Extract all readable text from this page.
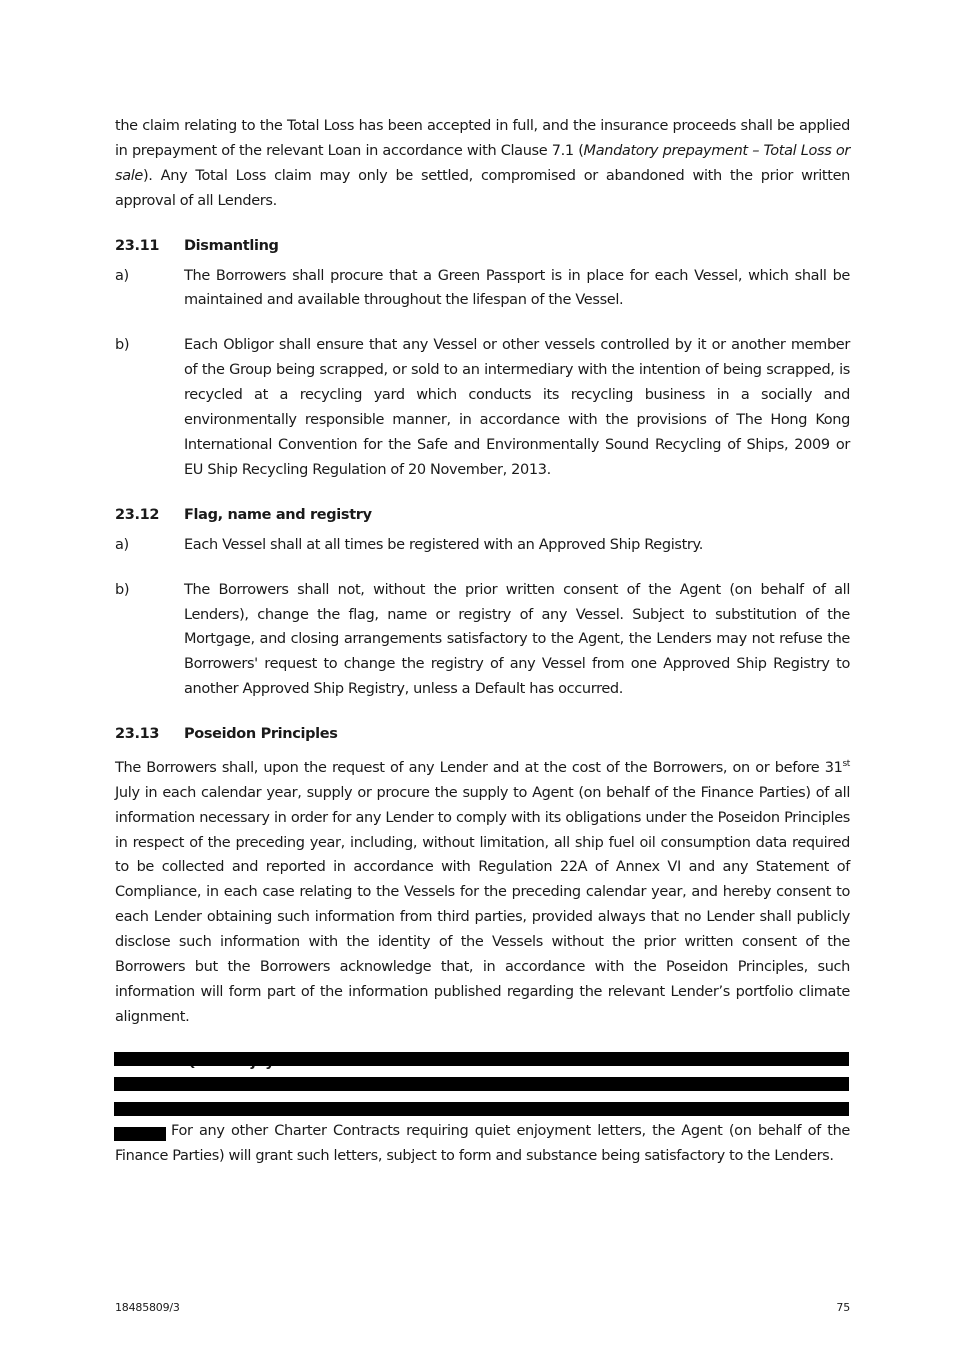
the claim relating to the Total Loss has been accepted in full, and the insurance proceeds shall be applied in prepayment of the relevant Loan in accordance with Clause 7.1 (Mandatory prepayment – Total Loss or sale). Any Total Loss claim may only be settled, compromised or abandoned with the prior written approval of all Lenders.

23.11	Dismantling
a)	The Borrowers shall procure that a Green Passport is in place for each Vessel, which shall be maintained and available throughout the lifespan of the Vessel.
b)	Each Obligor shall ensure that any Vessel or other vessels controlled by it or another member of the Group being scrapped, or sold to an intermediary with the intention of being scrapped, is recycled at a recycling yard which conducts its recycling business in a socially and environmentally responsible manner, in accordance with the provisions of The Hong Kong International Convention for the Safe and Environmentally Sound Recycling of Ships, 2009 or EU Ship Recycling Regulation of 20 November, 2013.
23.12	Flag, name and registry
a)	Each Vessel shall at all times be registered with an Approved Ship Registry.
b)	The Borrowers shall not, without the prior written consent of the Agent (on behalf of all Lenders), change the flag, name or registry of any Vessel. Subject to substitution of the Mortgage, and closing arrangements satisfactory to the Agent, the Lenders may not refuse the Borrowers' request to change the registry of any Vessel from one Approved Ship Registry to another Approved Ship Registry, unless a Default has occurred.
23.13	Poseidon Principles

The Borrowers shall, upon the request of any Lender and at the cost of the Borrowers, on or before 31st July in each calendar year, supply or procure the supply to Agent (on behalf of the Finance Parties) of all information necessary in order for any Lender to comply with its obligations under the Poseidon Principles in respect of the preceding year, including, without limitation, all ship fuel oil consumption data required to be collected and reported in accordance with Regulation 22A of Annex VI and any Statement of Compliance, in each case relating to the Vessels for the preceding calendar year, and hereby consent to each Lender obtaining such information from third parties, provided always that no Lender shall publicly disclose such information with the identity of the Vessels without the prior written consent of the Borrowers but the Borrowers acknowledge that, in accordance with the Poseidon Principles, such information will form part of the information published regarding the relevant Lender’s portfolio climate alignment.

For any other Charter Contracts requiring quiet enjoyment letters, the Agent (on behalf of the Finance Parties) will grant such letters, subject to form and substance being satisfactory to the Lenders.

18485809/3	75
